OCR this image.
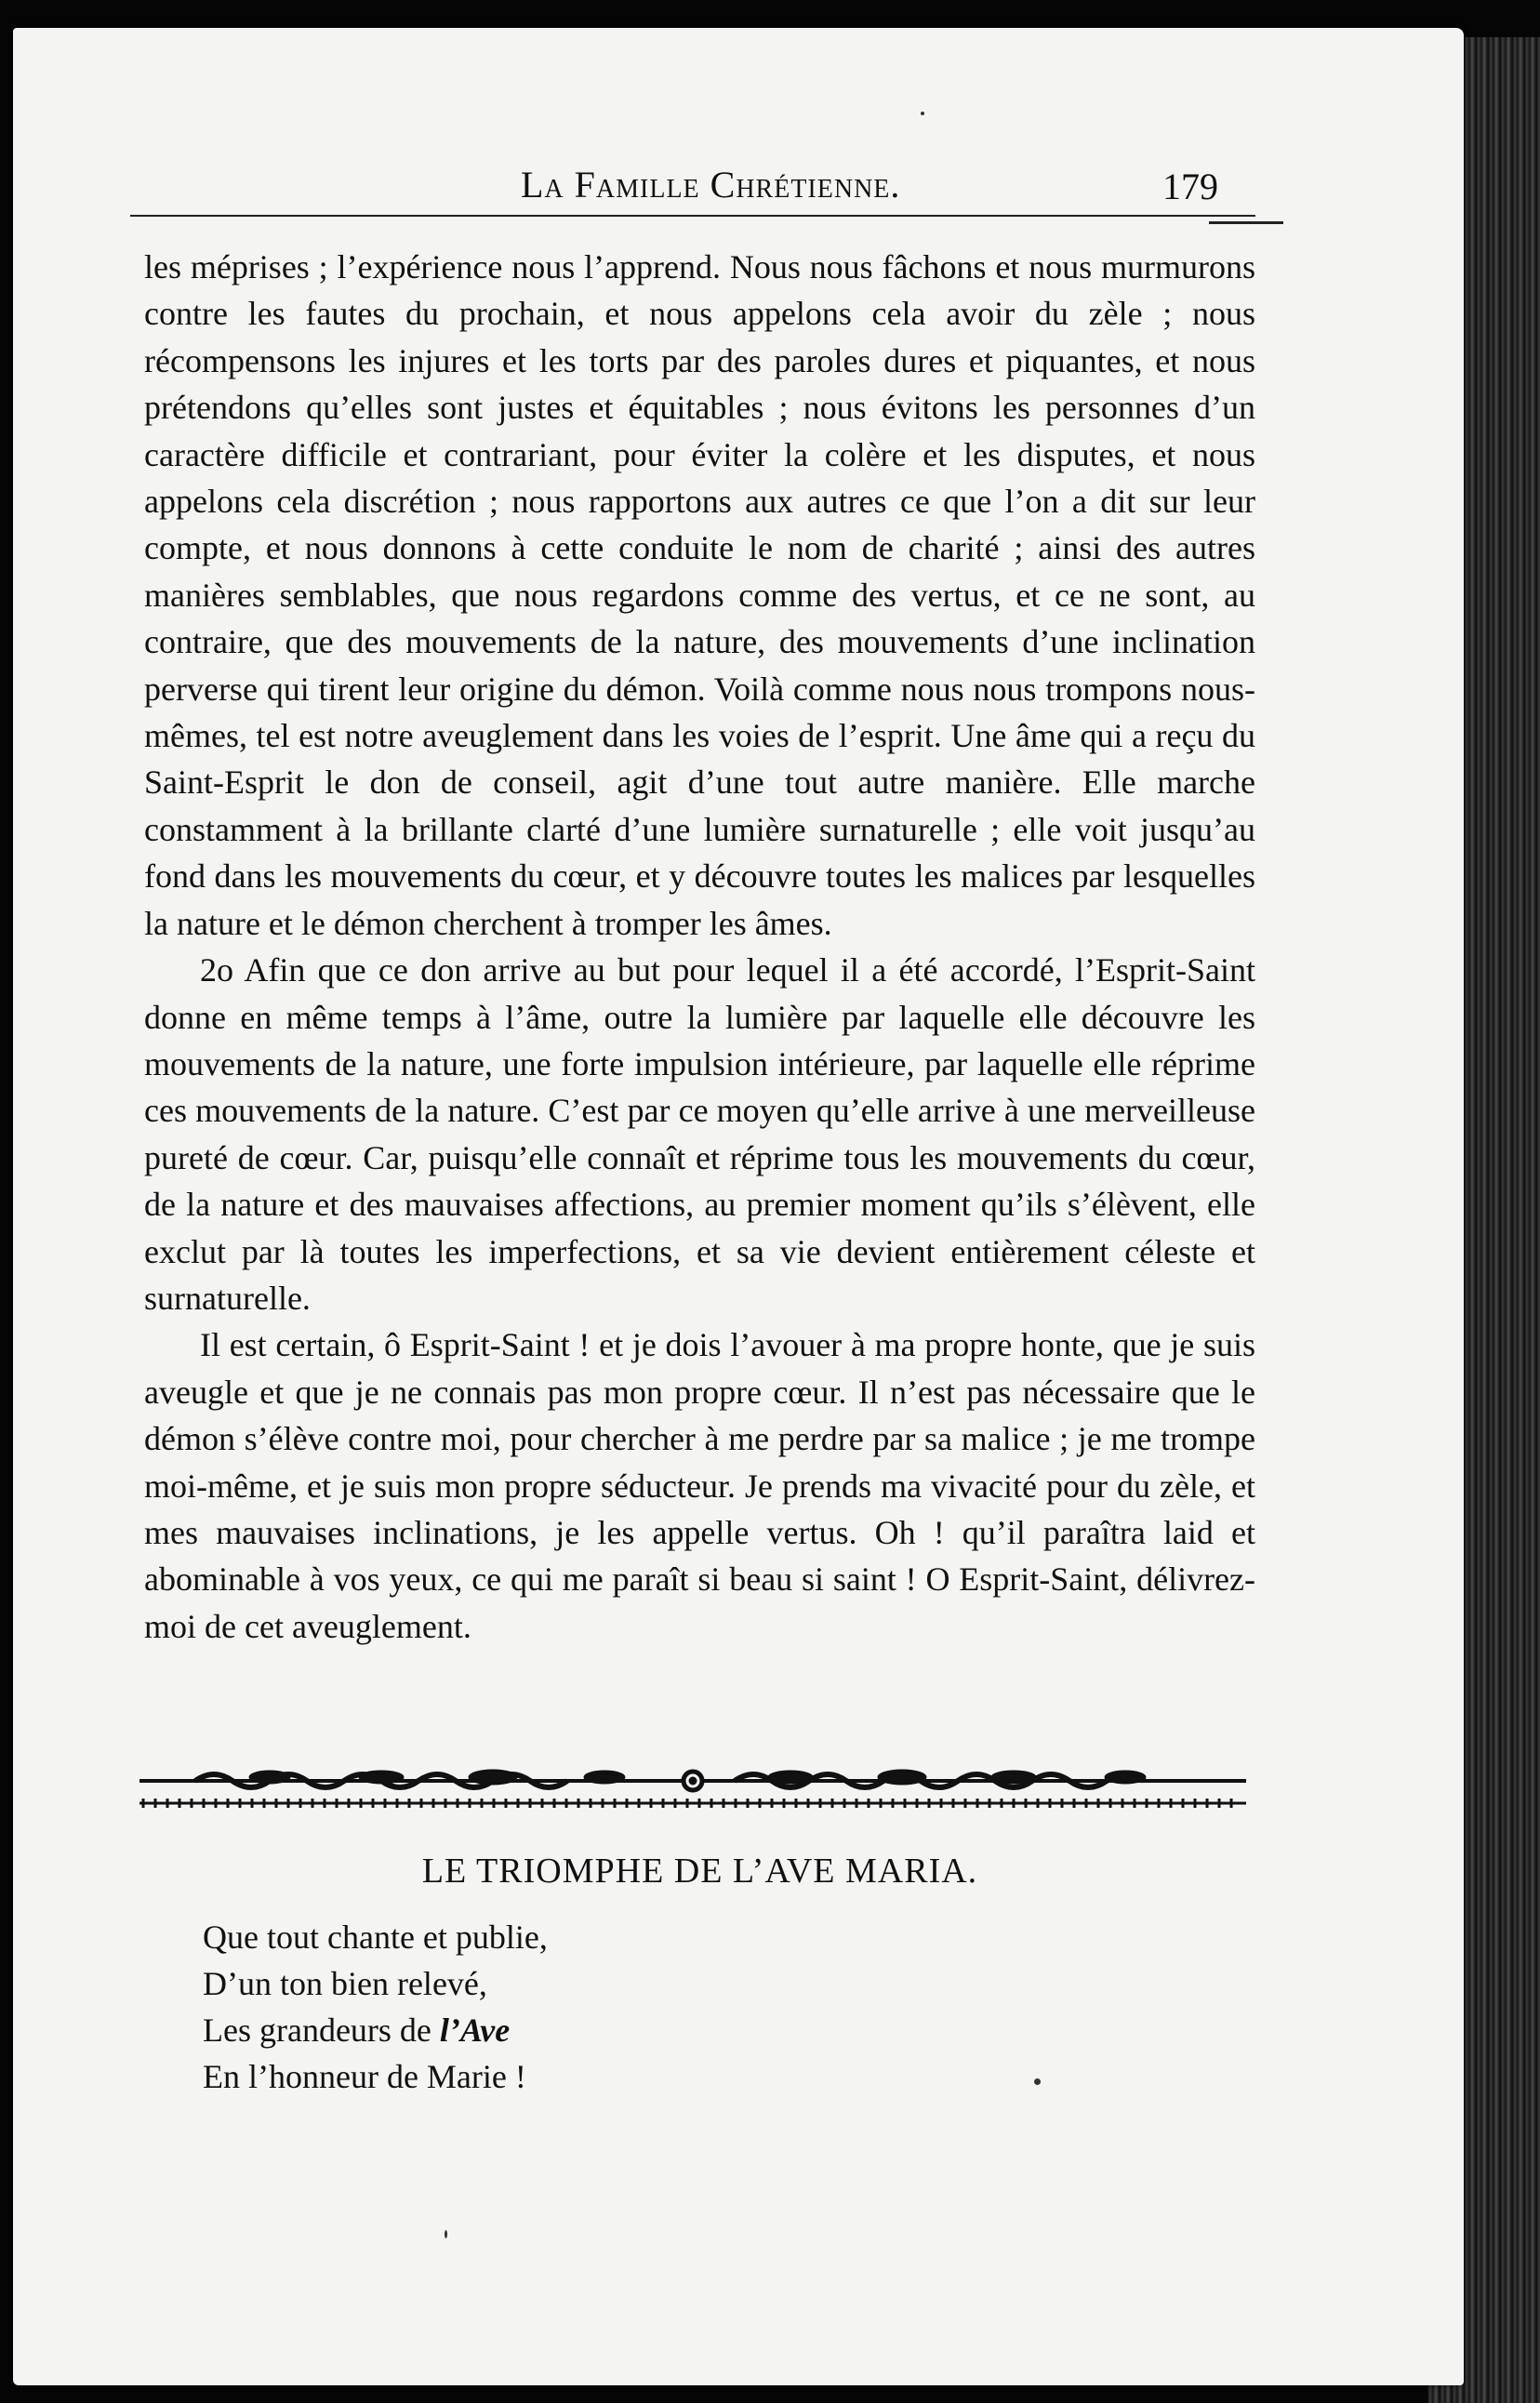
La Famille Chrétienne.	179

les méprises ; l’expérience nous l’apprend. Nous nous fâchons et nous murmurons contre les fautes du prochain, et nous appelons cela avoir du zèle ; nous récompensons les injures et les torts par des paroles dures et piquantes, et nous prétendons qu’elles sont justes et équitables ; nous évitons les personnes d’un caractère difficile et contrariant, pour éviter la colère et les disputes, et nous appelons cela discrétion ; nous rapportons aux autres ce que l’on a dit sur leur compte, et nous donnons à cette conduite le nom de charité ; ainsi des autres manières semblables, que nous regardons comme des vertus, et ce ne sont, au contraire, que des mouvements de la nature, des mouvements d’une inclination perverse qui tirent leur origine du démon. Voilà comme nous nous trompons nous-mêmes, tel est notre aveuglement dans les voies de l’esprit. Une âme qui a reçu du Saint-Esprit le don de conseil, agit d’une tout autre manière. Elle marche constamment à la brillante clarté d’une lumière surnaturelle ; elle voit jusqu’au fond dans les mouvements du cœur, et y découvre toutes les malices par lesquelles la nature et le démon cherchent à tromper les âmes.

2o Afin que ce don arrive au but pour lequel il a été accordé, l’Esprit-Saint donne en même temps à l’âme, outre la lumière par laquelle elle découvre les mouvements de la nature, une forte impulsion intérieure, par laquelle elle réprime ces mouvements de la nature. C’est par ce moyen qu’elle arrive à une merveilleuse pureté de cœur. Car, puisqu’elle connaît et réprime tous les mouvements du cœur, de la nature et des mauvaises affections, au premier moment qu’ils s’élèvent, elle exclut par là toutes les imperfections, et sa vie devient entièrement céleste et surnaturelle.

Il est certain, ô Esprit-Saint ! et je dois l’avouer à ma propre honte, que je suis aveugle et que je ne connais pas mon propre cœur. Il n’est pas nécessaire que le démon s’élève contre moi, pour chercher à me perdre par sa malice ; je me trompe moi-même, et je suis mon propre séducteur. Je prends ma vivacité pour du zèle, et mes mauvaises inclinations, je les appelle vertus. Oh ! qu’il paraîtra laid et abominable à vos yeux, ce qui me paraît si beau si saint ! O Esprit-Saint, délivrez-moi de cet aveuglement.

LE TRIOMPHE DE L’AVE MARIA.
Que tout chante et publie,
D’un ton bien relevé,
Les grandeurs de l’Ave
En l’honneur de Marie !
